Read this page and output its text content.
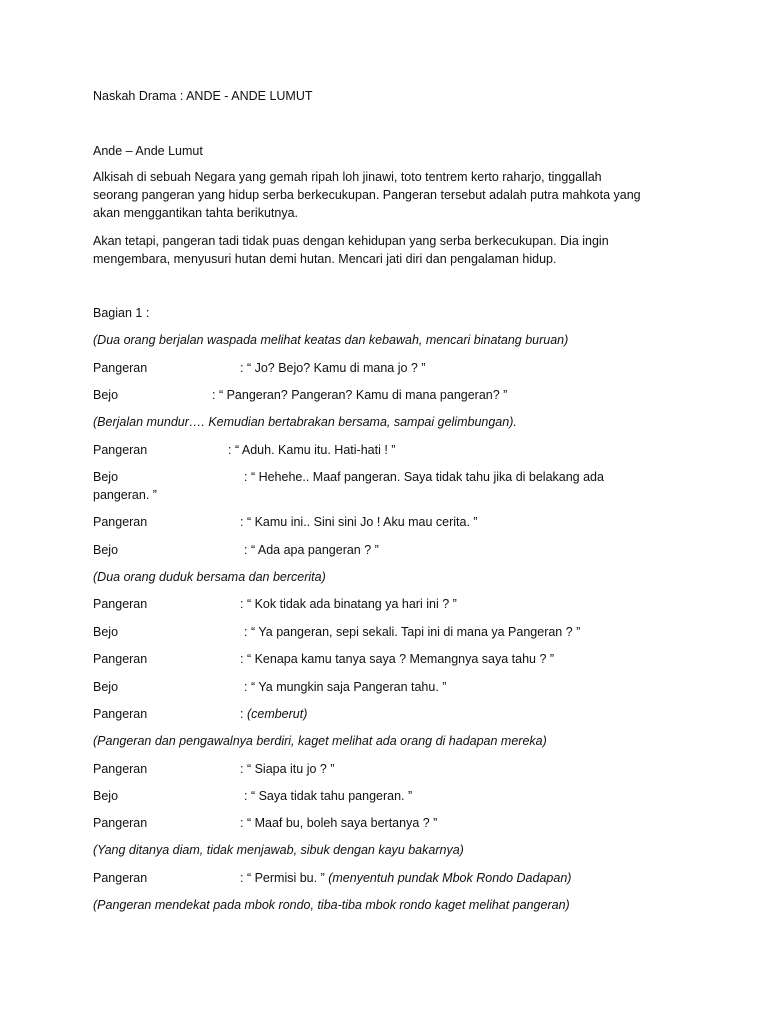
Naskah Drama : ANDE - ANDE LUMUT
Ande – Ande Lumut
Alkisah di sebuah Negara yang gemah ripah loh jinawi, toto tentrem kerto raharjo, tinggallah
seorang pangeran yang hidup serba berkecukupan. Pangeran tersebut adalah putra mahkota yang
akan menggantikan tahta berikutnya.
Akan tetapi, pangeran tadi tidak puas dengan kehidupan yang serba berkecukupan. Dia ingin
mengembara, menyusuri hutan demi hutan. Mencari jati diri dan pengalaman hidup.
Bagian 1 :
(Dua orang berjalan waspada melihat keatas dan kebawah, mencari binatang buruan)
Pangeran	: “ Jo? Bejo? Kamu di mana jo ? ”
Bejo	: “ Pangeran? Pangeran? Kamu di mana pangeran? ”
(Berjalan mundur…. Kemudian bertabrakan bersama, sampai gelimbungan).
Pangeran	: “ Aduh. Kamu itu. Hati-hati ! ”
Bejo	: “ Hehehe.. Maaf pangeran. Saya tidak tahu jika di belakang ada
pangeran. ”
Pangeran	: “ Kamu ini.. Sini sini Jo ! Aku mau cerita. ”
Bejo	: “ Ada apa pangeran ? ”
(Dua orang duduk bersama dan bercerita)
Pangeran	: “ Kok tidak ada binatang ya hari ini ? ”
Bejo	: “ Ya pangeran, sepi sekali. Tapi ini di mana ya Pangeran ? ”
Pangeran	: “ Kenapa kamu tanya saya ? Memangnya saya tahu ? ”
Bejo	: “ Ya mungkin saja Pangeran tahu. ”
Pangeran	: (cemberut)
(Pangeran dan pengawalnya berdiri, kaget melihat ada orang di hadapan mereka)
Pangeran	: “ Siapa itu jo ? ”
Bejo	: “ Saya tidak tahu pangeran. ”
Pangeran	: “ Maaf bu, boleh saya bertanya ? ”
(Yang ditanya diam, tidak menjawab, sibuk dengan kayu bakarnya)
Pangeran	: “ Permisi bu. ” (menyentuh pundak Mbok Rondo Dadapan)
(Pangeran mendekat pada mbok rondo, tiba-tiba mbok rondo kaget melihat pangeran)
